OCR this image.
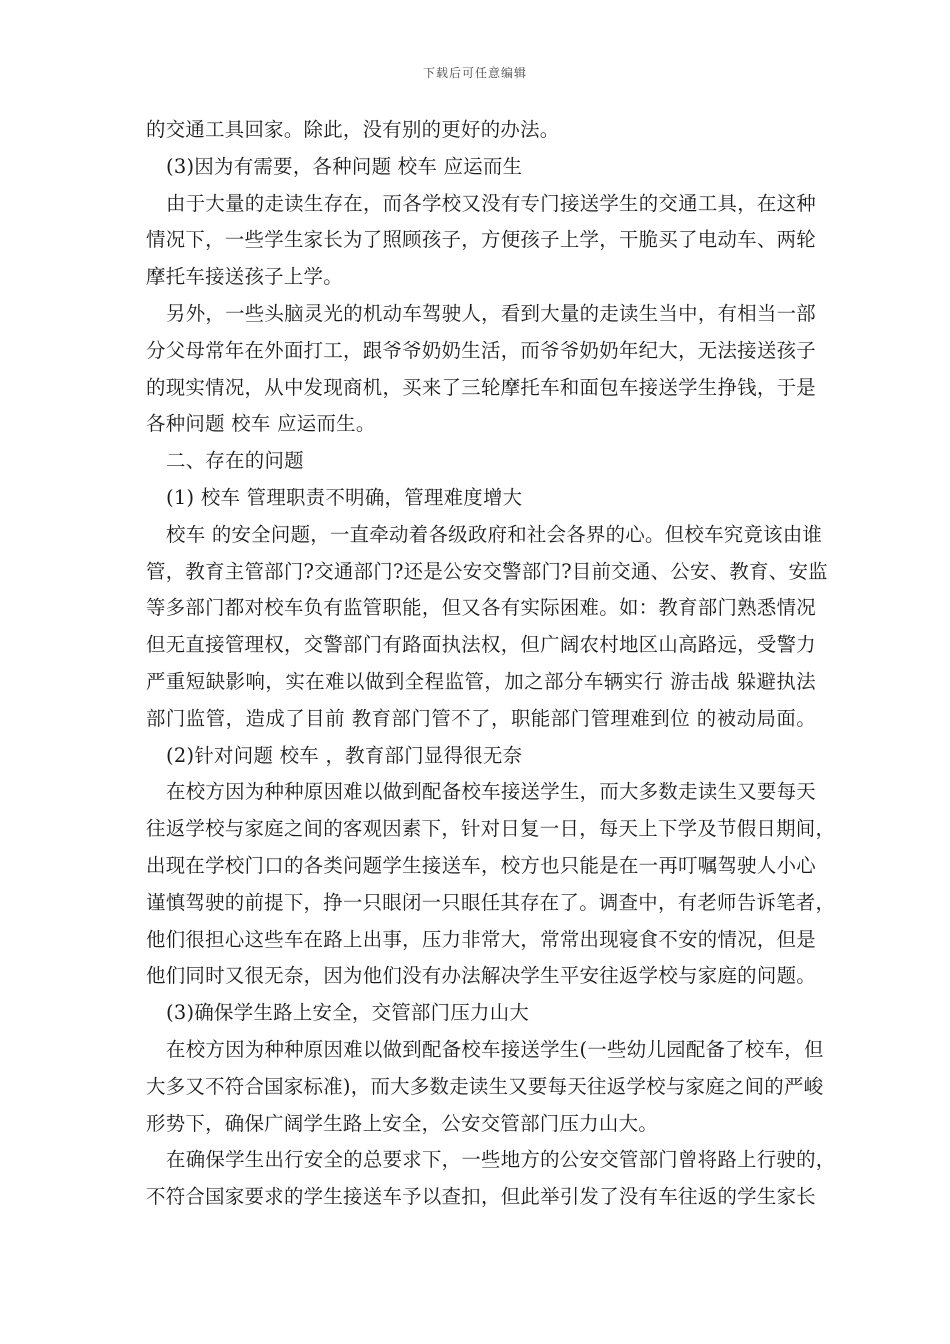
下载后可任意编辑
的交通工具回家。除此，没有别的更好的办法。
(3)因为有需要，各种问题 校车 应运而生
由于大量的走读生存在，而各学校又没有专门接送学生的交通工具，在这种
情况下，一些学生家长为了照顾孩子，方便孩子上学，干脆买了电动车、两轮
摩托车接送孩子上学。
另外，一些头脑灵光的机动车驾驶人，看到大量的走读生当中，有相当一部
分父母常年在外面打工，跟爷爷奶奶生活，而爷爷奶奶年纪大，无法接送孩子
的现实情况，从中发现商机，买来了三轮摩托车和面包车接送学生挣钱，于是
各种问题 校车 应运而生。
二、存在的问题
(1) 校车 管理职责不明确，管理难度增大
校车 的安全问题，一直牵动着各级政府和社会各界的心。但校车究竟该由谁
管，教育主管部门?交通部门?还是公安交警部门?目前交通、公安、教育、安监
等多部门都对校车负有监管职能，但又各有实际困难。如：教育部门熟悉情况
但无直接管理权，交警部门有路面执法权，但广阔农村地区山高路远，受警力
严重短缺影响，实在难以做到全程监管，加之部分车辆实行 游击战 躲避执法
部门监管，造成了目前 教育部门管不了，职能部门管理难到位 的被动局面。
(2)针对问题 校车 ，教育部门显得很无奈
在校方因为种种原因难以做到配备校车接送学生，而大多数走读生又要每天
往返学校与家庭之间的客观因素下，针对日复一日，每天上下学及节假日期间，
出现在学校门口的各类问题学生接送车，校方也只能是在一再叮嘱驾驶人小心
谨慎驾驶的前提下，挣一只眼闭一只眼任其存在了。调查中，有老师告诉笔者，
他们很担心这些车在路上出事，压力非常大，常常出现寝食不安的情况，但是
他们同时又很无奈，因为他们没有办法解决学生平安往返学校与家庭的问题。
(3)确保学生路上安全，交管部门压力山大
在校方因为种种原因难以做到配备校车接送学生(一些幼儿园配备了校车，但
大多又不符合国家标准)，而大多数走读生又要每天往返学校与家庭之间的严峻
形势下，确保广阔学生路上安全，公安交管部门压力山大。
在确保学生出行安全的总要求下，一些地方的公安交管部门曾将路上行驶的，
不符合国家要求的学生接送车予以查扣，但此举引发了没有车往返的学生家长
